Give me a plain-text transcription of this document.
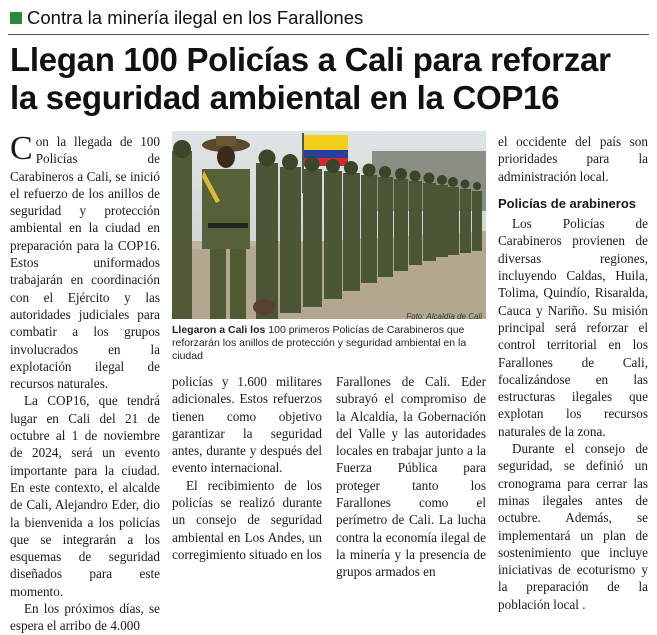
Contra la minería ilegal en los Farallones
Llegan 100 Policías a Cali para reforzar
la seguridad ambiental en la COP16

Con la llegada de 100 Policías de Carabineros a Cali, se inició el refuerzo de los anillos de seguridad y protección ambiental en la ciudad en preparación para la COP16. Estos uniformados trabajarán en coordinación con el Ejército y las autoridades judiciales para combatir a los grupos involucrados en la explotación ilegal de recursos naturales.

La COP16, que tendrá lugar en Cali del 21 de octubre al 1 de noviembre de 2024, será un evento importante para la ciudad. En este contexto, el alcalde de Cali, Alejandro Eder, dio la bienvenida a los policías que se integrarán a los esquemas de seguridad diseñados para este momento.

En los próximos días, se espera el arribo de 4.000

Foto: Alcaldía de Cali
Llegaron a Cali los 100 primeros Policías de Carabineros que reforzarán los anillos de protección y seguridad ambiental en la ciudad

policías y 1.600 militares adicionales. Estos refuerzos tienen como objetivo garantizar la seguridad antes, durante y después del evento internacional.

El recibimiento de los policías se realizó durante un consejo de seguridad ambiental en Los Andes, un corregimiento situado en los

Farallones de Cali. Eder subrayó el compromiso de la Alcaldía, la Gobernación del Valle y las autoridades locales en trabajar junto a la Fuerza Pública para proteger tanto los Farallones como el perímetro de Cali. La lucha contra la economía ilegal de la minería y la presencia de grupos armados en

el occidente del país son prioridades para la administración local.

Policías de arabineros

Los Policías de Carabineros provienen de diversas regiones, incluyendo Caldas, Huila, Tolima, Quindío, Risaralda, Cauca y Nariño. Su misión principal será reforzar el control territorial en los Farallones de Cali, focalizándose en las estructuras ilegales que explotan los recursos naturales de la zona.

Durante el consejo de seguridad, se definió un cronograma para cerrar las minas ilegales antes de octubre. Además, se implementará un plan de sostenimiento que incluye iniciativas de ecoturismo y la preparación de la población local .
